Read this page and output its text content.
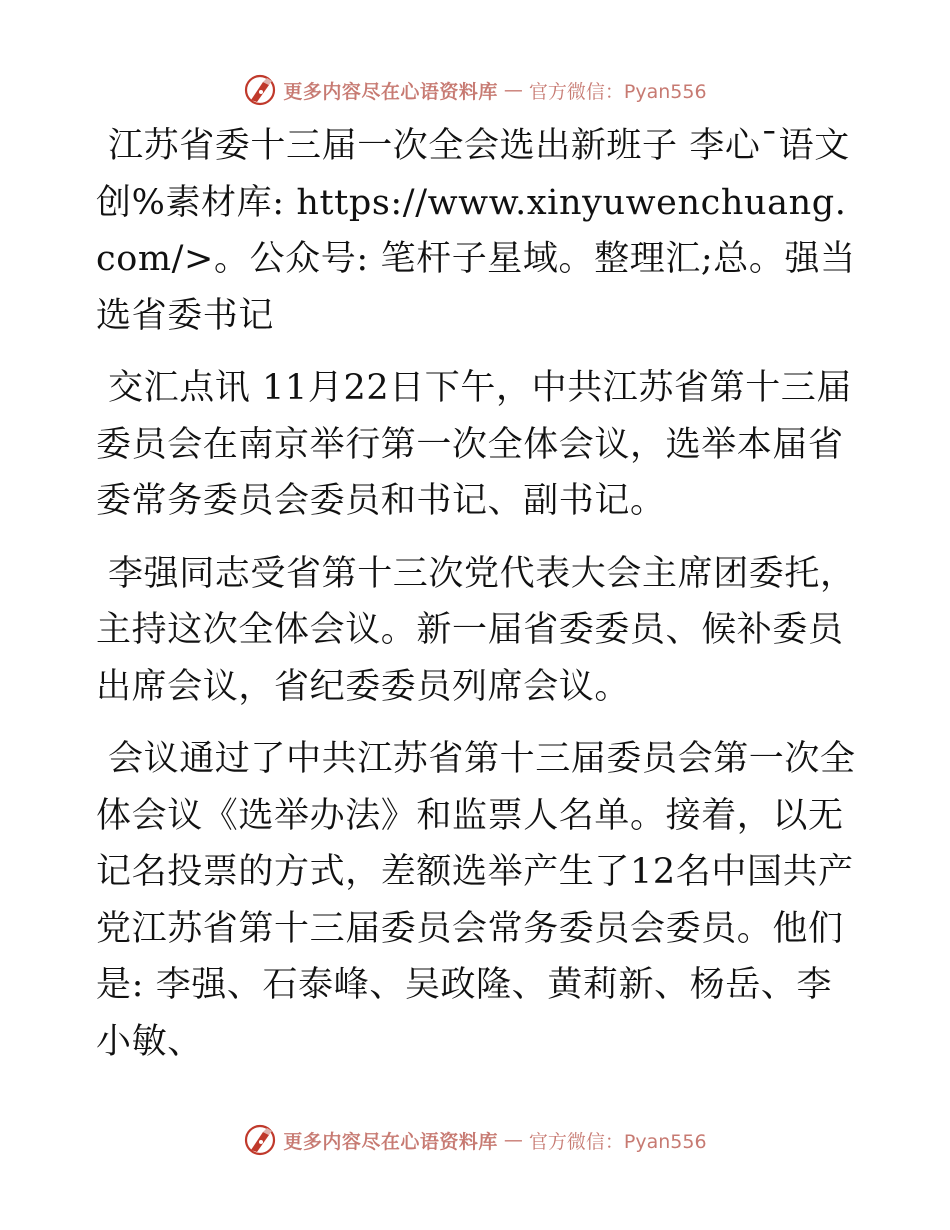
更多内容尽在心语资料库 — 官方微信：Pyan556

江苏省委十三届一次全会选出新班子 李心¯语文创%素材库: https://www.xinyuwenchuang.com/>。公众号: 笔杆子星域。整理汇;总。强当选省委书记

交汇点讯 11月22日下午，中共江苏省第十三届委员会在南京举行第一次全体会议，选举本届省委常务委员会委员和书记、副书记。

李强同志受省第十三次党代表大会主席团委托，主持这次全体会议。新一届省委委员、候补委员出席会议，省纪委委员列席会议。

会议通过了中共江苏省第十三届委员会第一次全体会议《选举办法》和监票人名单。接着，以无记名投票的方式，差额选举产生了12名中国共产党江苏省第十三届委员会常务委员会委员。他们是: 李强、石泰峰、吴政隆、黄莉新、杨岳、李小敏、

更多内容尽在心语资料库 — 官方微信：Pyan556
